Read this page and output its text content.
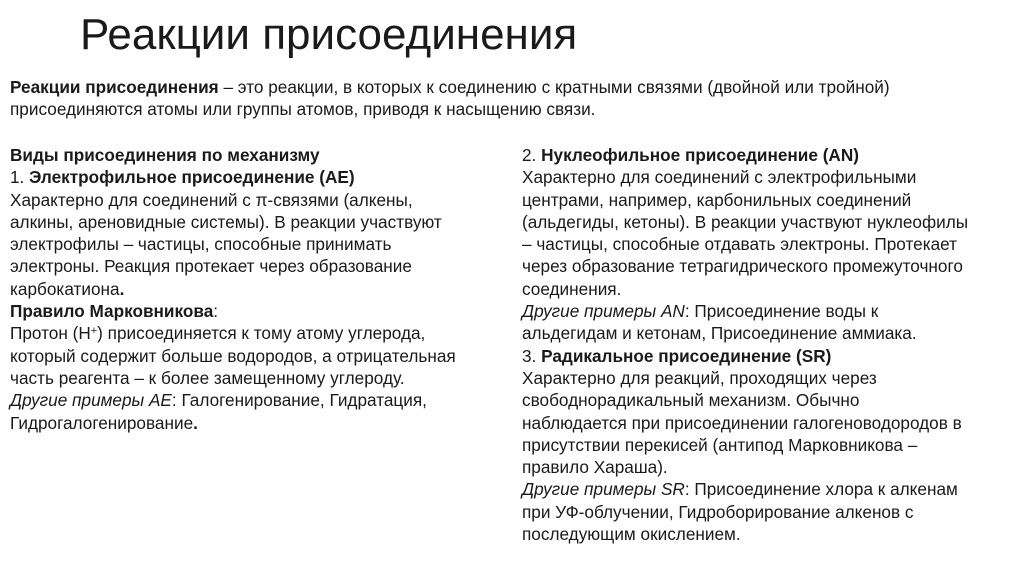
Реакции присоединения
Реакции присоединения – это реакции, в которых к соединению с кратными связями (двойной или тройной)
присоединяются атомы или группы атомов, приводя к насыщению связи.
Виды присоединения по механизму
1. Электрофильное присоединение (AE)
Характерно для соединений с π-связями (алкены,
алкины, ареновидные системы). В реакции участвуют
электрофилы – частицы, способные принимать
электроны. Реакция протекает через образование
карбокатиона.
Правило Марковникова:
Протон (H+) присоединяется к тому атому углерода,
который содержит больше водородов, а отрицательная
часть реагента – к более замещенному углероду.
Другие примеры AE: Галогенирование, Гидратация,
Гидрогалогенирование.
2. Нуклеофильное присоединение (AN)
Характерно для соединений с электрофильными
центрами, например, карбонильных соединений
(альдегиды, кетоны). В реакции участвуют нуклеофилы
– частицы, способные отдавать электроны. Протекает
через образование тетрагидрического промежуточного
соединения.
Другие примеры AN: Присоединение воды к
альдегидам и кетонам, Присоединение аммиака.
3. Радикальное присоединение (SR)
Характерно для реакций, проходящих через
свободнорадикальный механизм. Обычно
наблюдается при присоединении галогеноводородов в
присутствии перекисей (антипод Марковникова –
правило Хараша).
Другие примеры SR: Присоединение хлора к алкенам
при УФ-облучении, Гидроборирование алкенов с
последующим окислением.
